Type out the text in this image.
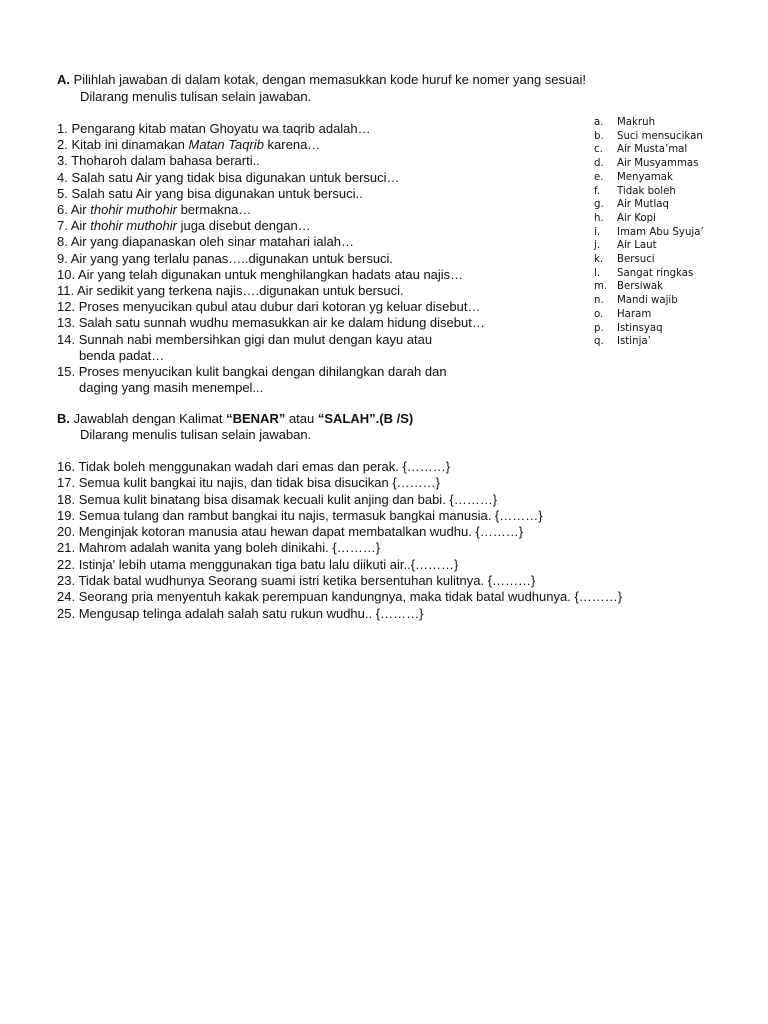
A. Pilihlah jawaban di dalam kotak, dengan memasukkan kode huruf ke nomer yang sesuai!
Dilarang menulis tulisan selain jawaban.
1. Pengarang kitab matan Ghoyatu wa taqrib adalah…
2. Kitab ini dinamakan Matan Taqrib karena…
3. Thoharoh dalam bahasa berarti..
4. Salah satu Air yang tidak bisa digunakan untuk bersuci…
5. Salah satu Air yang bisa digunakan untuk bersuci..
6. Air thohir muthohir bermakna…
7. Air thohir muthohir juga disebut dengan…
8. Air yang diapanaskan oleh sinar matahari ialah…
9. Air yang yang terlalu panas…..digunakan untuk bersuci.
10. Air yang telah digunakan untuk menghilangkan hadats atau najis…
11. Air sedikit yang terkena najis….digunakan untuk bersuci.
12. Proses menyucikan qubul atau dubur dari kotoran yg keluar disebut…
13. Salah satu sunnah wudhu memasukkan air ke dalam hidung disebut…
14. Sunnah nabi membersihkan gigi dan mulut dengan kayu atau
benda padat…
15. Proses menyucikan kulit bangkai dengan dihilangkan darah dan
daging yang masih menempel...
a. Makruh
b. Suci mensucikan
c. Air Musta’mal
d. Air Musyammas
e. Menyamak
f. Tidak boleh
g. Air Mutlaq
h. Air Kopi
i. Imam Abu Syuja’
j. Air Laut
k. Bersuci
l. Sangat ringkas
m. Bersiwak
n. Mandi wajib
o. Haram
p. Istinsyaq
q. Istinja’
B. Jawablah dengan Kalimat “BENAR” atau “SALAH”.(B /S)
Dilarang menulis tulisan selain jawaban.
16. Tidak boleh menggunakan wadah dari emas dan perak. {………}
17. Semua kulit bangkai itu najis, dan tidak bisa disucikan {………}
18. Semua kulit binatang bisa disamak kecuali kulit anjing dan babi. {………}
19. Semua tulang dan rambut bangkai itu najis, termasuk bangkai manusia. {………}
20. Menginjak kotoran manusia atau hewan dapat membatalkan wudhu. {………}
21. Mahrom adalah wanita yang boleh dinikahi. {………}
22. Istinja' lebih utama menggunakan tiga batu lalu diikuti air..{………}
23. Tidak batal wudhunya Seorang suami istri ketika bersentuhan kulitnya. {………}
24. Seorang pria menyentuh kakak perempuan kandungnya, maka tidak batal wudhunya. {………}
25. Mengusap telinga adalah salah satu rukun wudhu.. {………}
